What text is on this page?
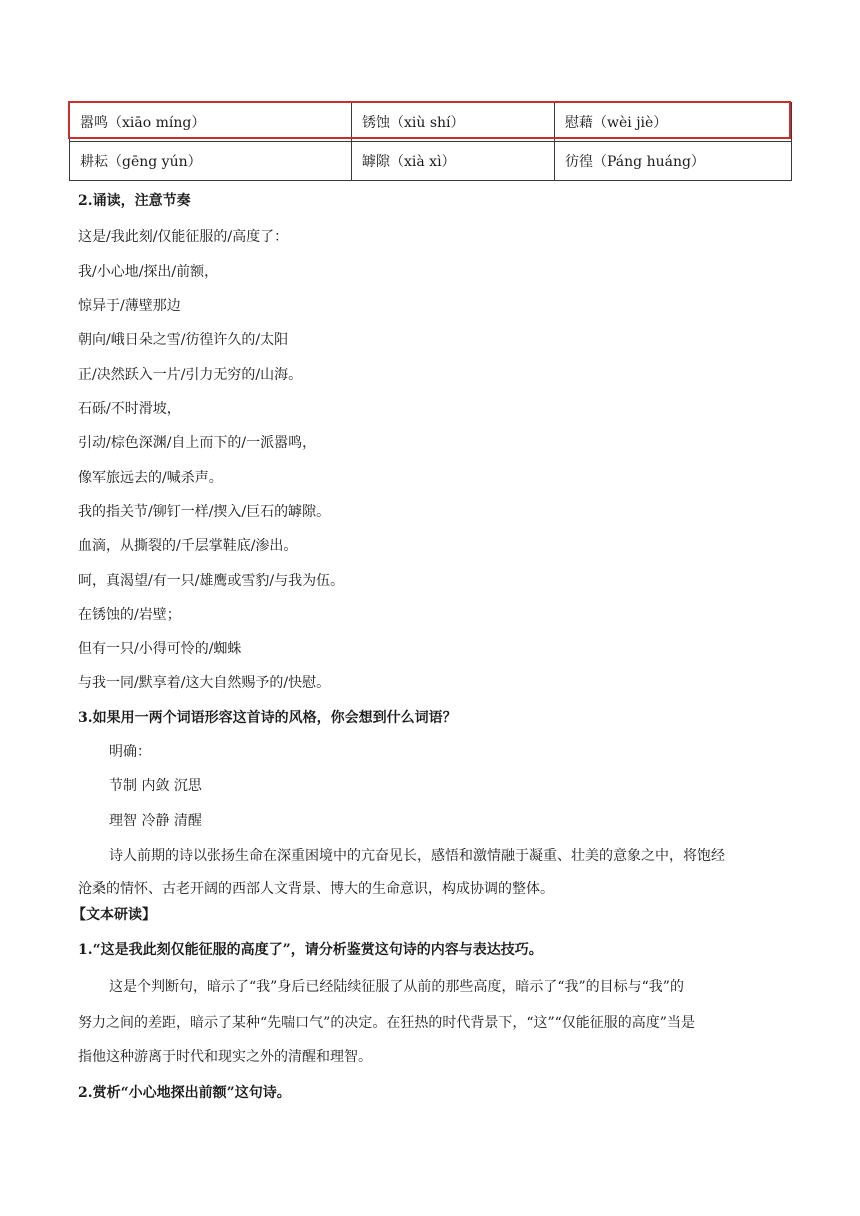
嚣鸣（xiāo míng）	锈蚀（xiù shí）	慰藉（wèi jiè）
耕耘（gēng yún）	罅隙（xià xì）	彷徨（Páng huáng）
2.诵读，注意节奏
这是/我此刻/仅能征服的/高度了：
我/小心地/探出/前额，
惊异于/薄壁那边
朝向/峨日朵之雪/彷徨许久的/太阳
正/决然跃入一片/引力无穷的/山海。
石砾/不时滑坡，
引动/棕色深渊/自上而下的/一派嚣鸣，
像军旅远去的/喊杀声。
我的指关节/铆钉一样/揳入/巨石的罅隙。
血滴，从撕裂的/千层掌鞋底/渗出。
呵，真渴望/有一只/雄鹰或雪豹/与我为伍。
在锈蚀的/岩壁；
但有一只/小得可怜的/蜘蛛
与我一同/默享着/这大自然赐予的/快慰。
3.如果用一两个词语形容这首诗的风格，你会想到什么词语？
明确：
节制 内敛 沉思
理智 冷静 清醒
诗人前期的诗以张扬生命在深重困境中的亢奋见长，感悟和激情融于凝重、壮美的意象之中，将饱经
沧桑的情怀、古老开阔的西部人文背景、博大的生命意识，构成协调的整体。
【文本研读】
1.“这是我此刻仅能征服的高度了”，请分析鉴赏这句诗的内容与表达技巧。
这是个判断句，暗示了“我”身后已经陆续征服了从前的那些高度，暗示了“我”的目标与“我”的
努力之间的差距，暗示了某种“先喘口气”的决定。在狂热的时代背景下，“这”“仅能征服的高度”当是
指他这种游离于时代和现实之外的清醒和理智。
2.赏析“小心地探出前额”这句诗。
